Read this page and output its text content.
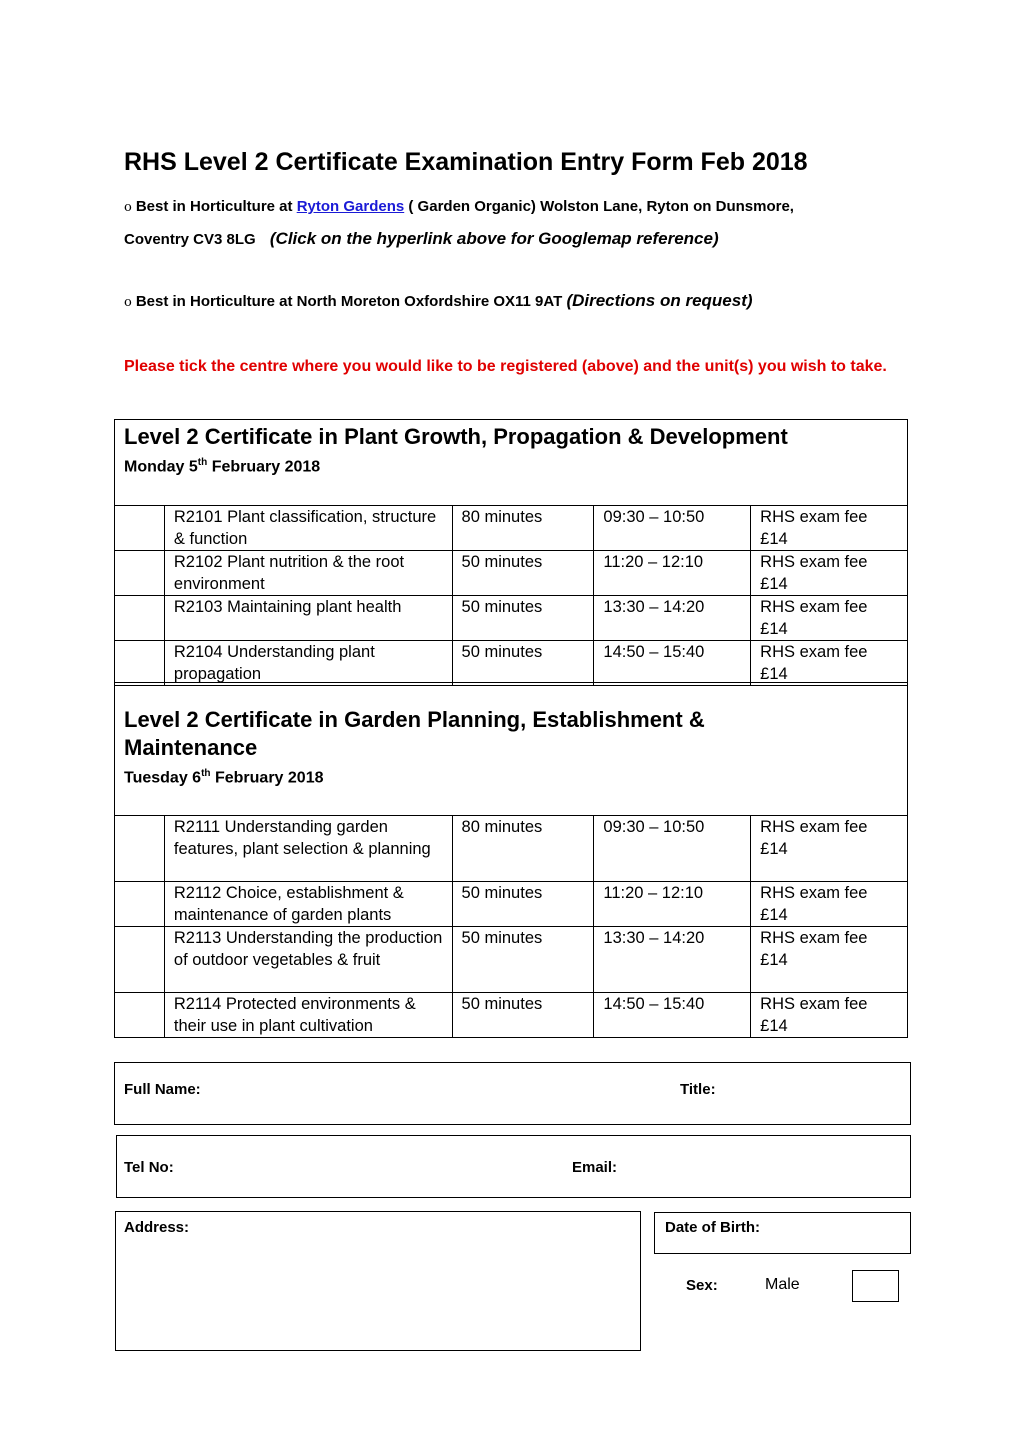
RHS Level 2 Certificate Examination Entry Form Feb 2018
o Best in Horticulture at Ryton Gardens ( Garden Organic) Wolston Lane, Ryton on Dunsmore,
Coventry CV3 8LG (Click on the hyperlink above for Googlemap reference)
o Best in Horticulture at North Moreton Oxfordshire OX11 9AT (Directions on request)
Please tick the centre where you would like to be registered (above) and the unit(s) you wish to take.
Level 2 Certificate in Plant Growth, Propagation & Development
Monday 5th February 2018
	R2101 Plant classification, structure & function	80 minutes	09:30 – 10:50	RHS exam fee £14
	R2102 Plant nutrition & the root environment	50 minutes	11:20 – 12:10	RHS exam fee £14
	R2103 Maintaining plant health	50 minutes	13:30 – 14:20	RHS exam fee £14
	R2104 Understanding plant propagation	50 minutes	14:50 – 15:40	RHS exam fee £14
Level 2 Certificate in Garden Planning, Establishment & Maintenance
Tuesday 6th February 2018
	R2111 Understanding garden features, plant selection & planning	80 minutes	09:30 – 10:50	RHS exam fee £14
	R2112 Choice, establishment & maintenance of garden plants	50 minutes	11:20 – 12:10	RHS exam fee £14
	R2113 Understanding the production of outdoor vegetables & fruit	50 minutes	13:30 – 14:20	RHS exam fee £14
	R2114 Protected environments & their use in plant cultivation	50 minutes	14:50 – 15:40	RHS exam fee £14
Full Name:	Title:
Tel No:	Email:
Address:	Date of Birth:
Sex:	Male
